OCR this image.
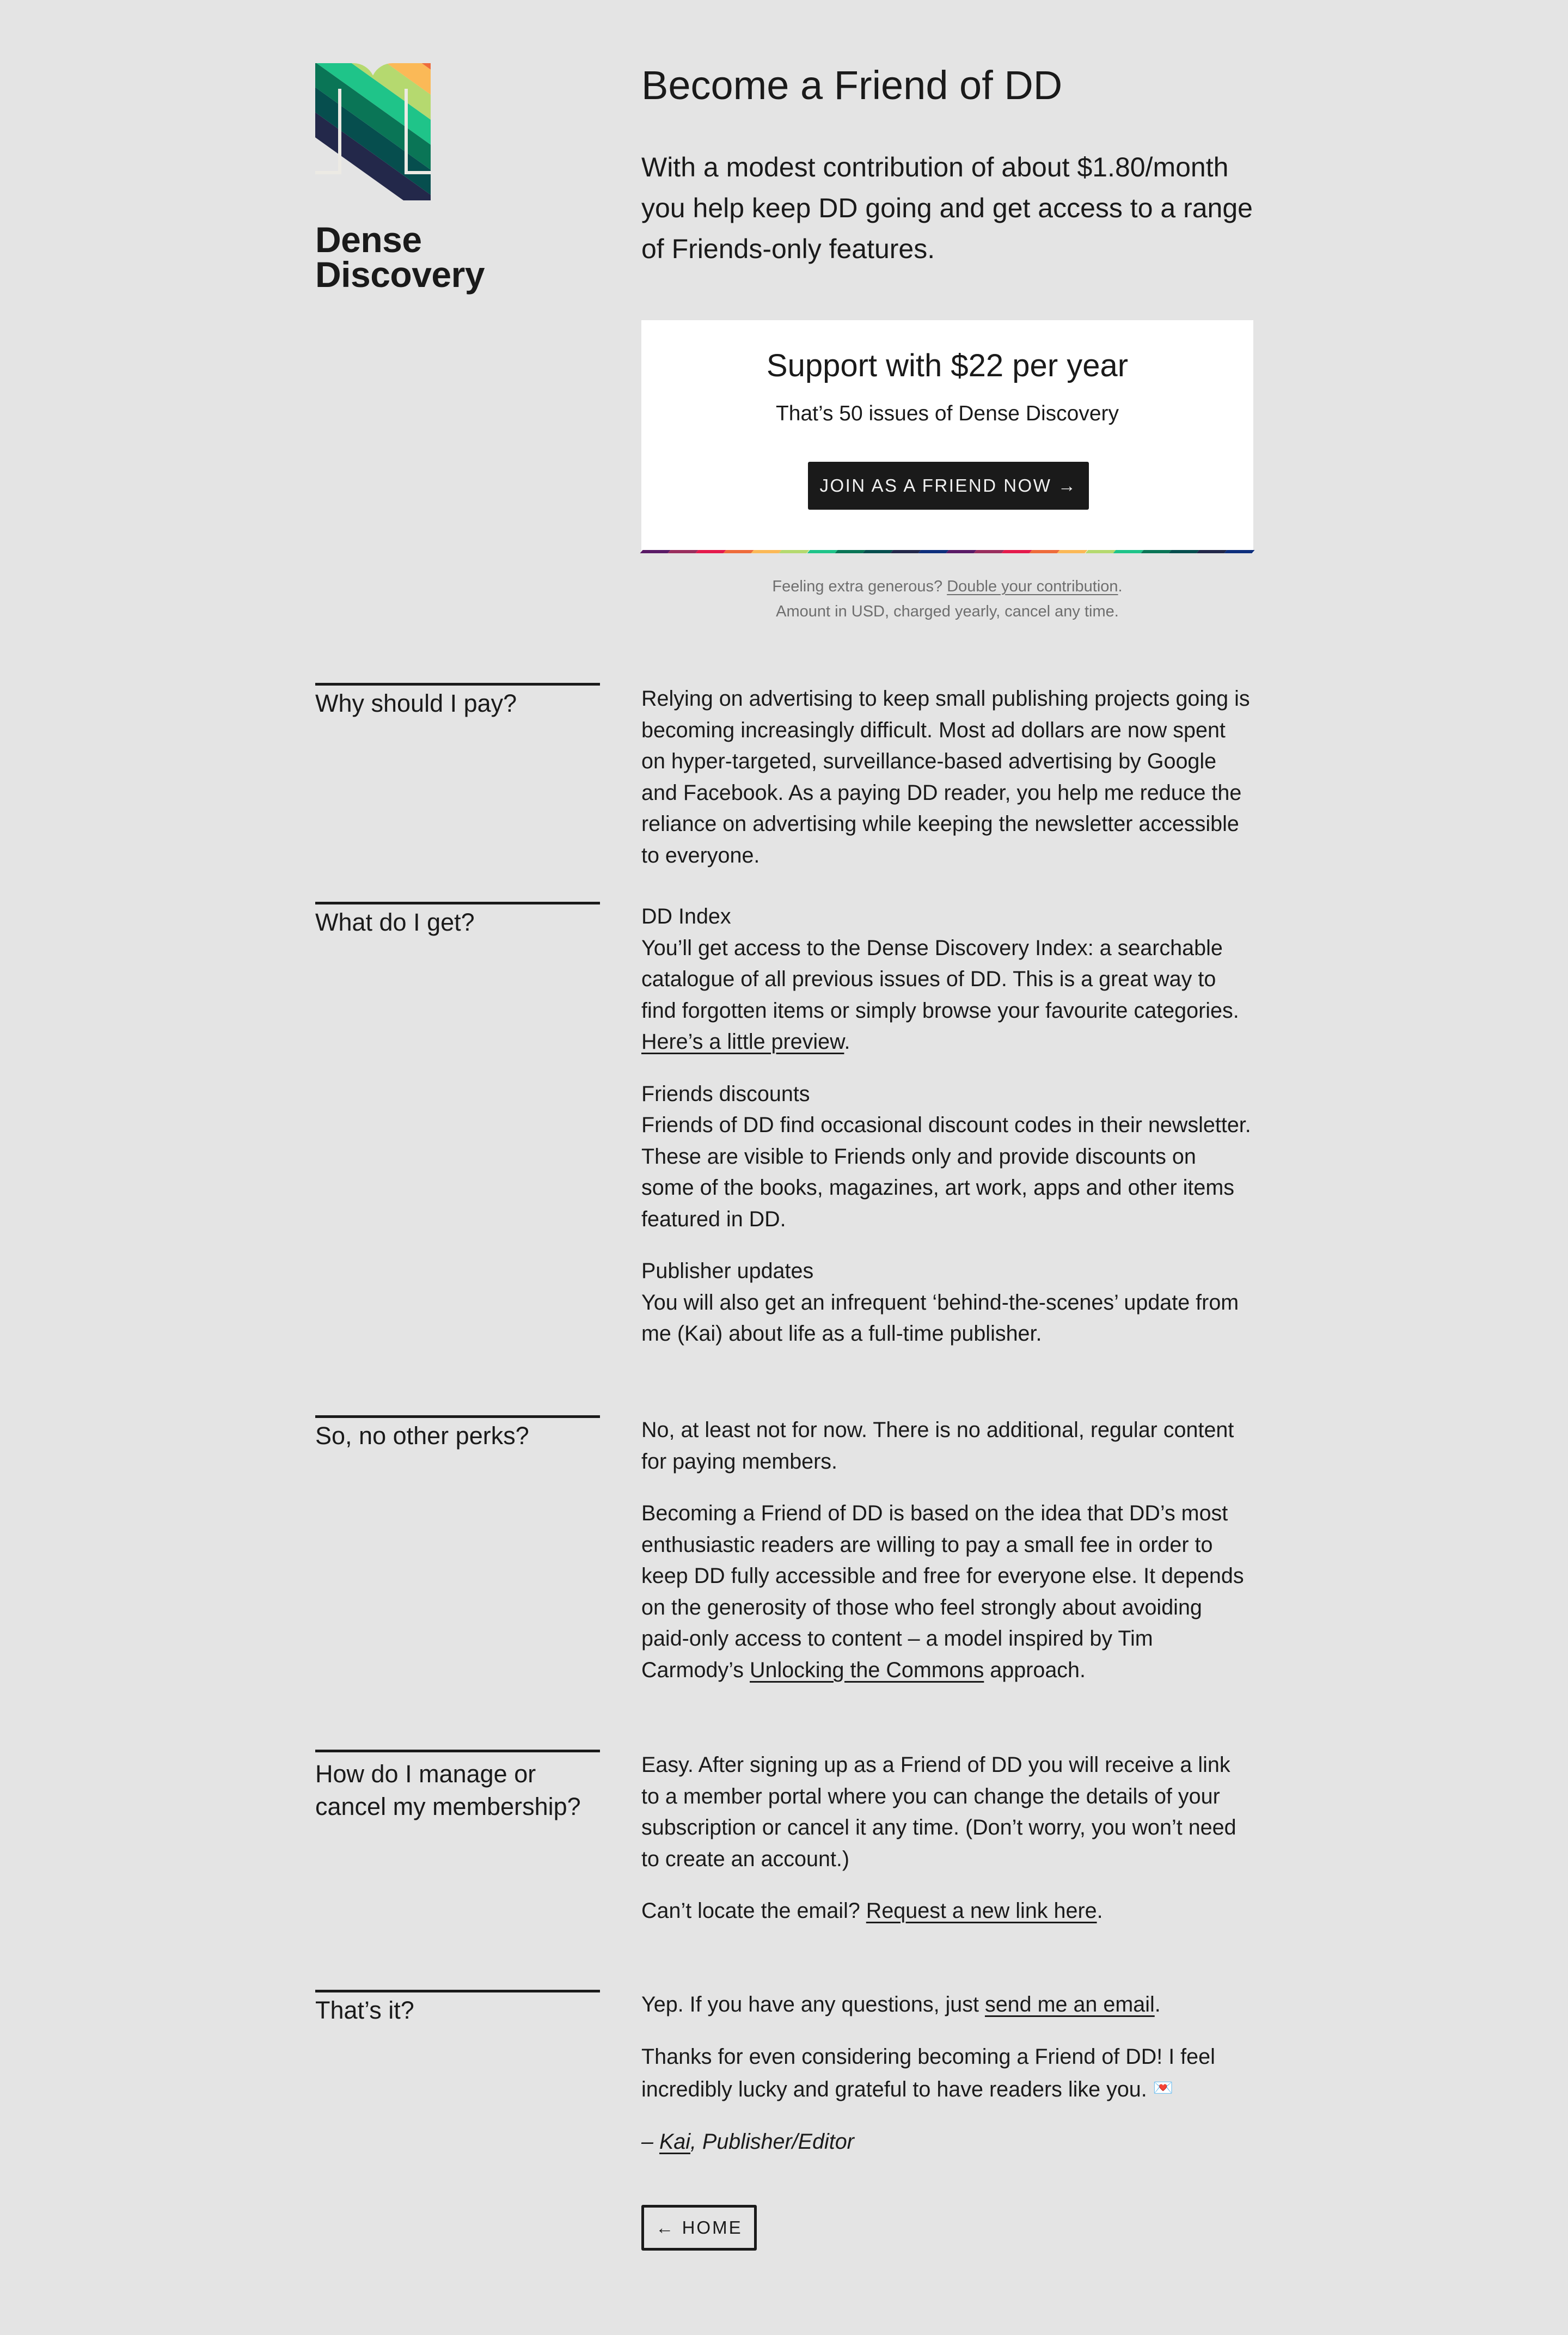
Dense
Discovery
Become a Friend of DD
With a modest contribution of about $1.80/month you help keep DD going and get access to a range of Friends-only features.
Support with $22 per year
That’s 50 issues of Dense Discovery
JOIN AS A FRIEND NOW →
Feeling extra generous? Double your contribution.
Amount in USD, charged yearly, cancel any time.
Why should I pay?	Relying on advertising to keep small publishing projects going is becoming increasingly difficult. Most ad dollars are now spent on hyper-targeted, surveillance-based advertising by Google and Facebook. As a paying DD reader, you help me reduce the reliance on advertising while keeping the newsletter accessible to everyone.

What do I get?	DD Index
You’ll get access to the Dense Discovery Index: a searchable catalogue of all previous issues of DD. This is a great way to find forgotten items or simply browse your favourite categories. Here’s a little preview.

Friends discounts
Friends of DD find occasional discount codes in their newsletter. These are visible to Friends only and provide discounts on some of the books, magazines, art work, apps and other items featured in DD.

Publisher updates
You will also get an infrequent ‘behind-the-scenes’ update from me (Kai) about life as a full-time publisher.

So, no other perks?	No, at least not for now. There is no additional, regular content for paying members.

Becoming a Friend of DD is based on the idea that DD’s most enthusiastic readers are willing to pay a small fee in order to keep DD fully accessible and free for everyone else. It depends on the generosity of those who feel strongly about avoiding paid-only access to content – a model inspired by Tim Carmody’s Unlocking the Commons approach.

How do I manage or cancel my membership?

Easy. After signing up as a Friend of DD you will receive a link to a member portal where you can change the details of your subscription or cancel it any time. (Don’t worry, you won’t need to create an account.)

Can’t locate the email? Request a new link here.

That’s it?	Yep. If you have any questions, just send me an email.

Thanks for even considering becoming a Friend of DD! I feel incredibly lucky and grateful to have readers like you. 💌

– Kai, Publisher/Editor

← HOME
